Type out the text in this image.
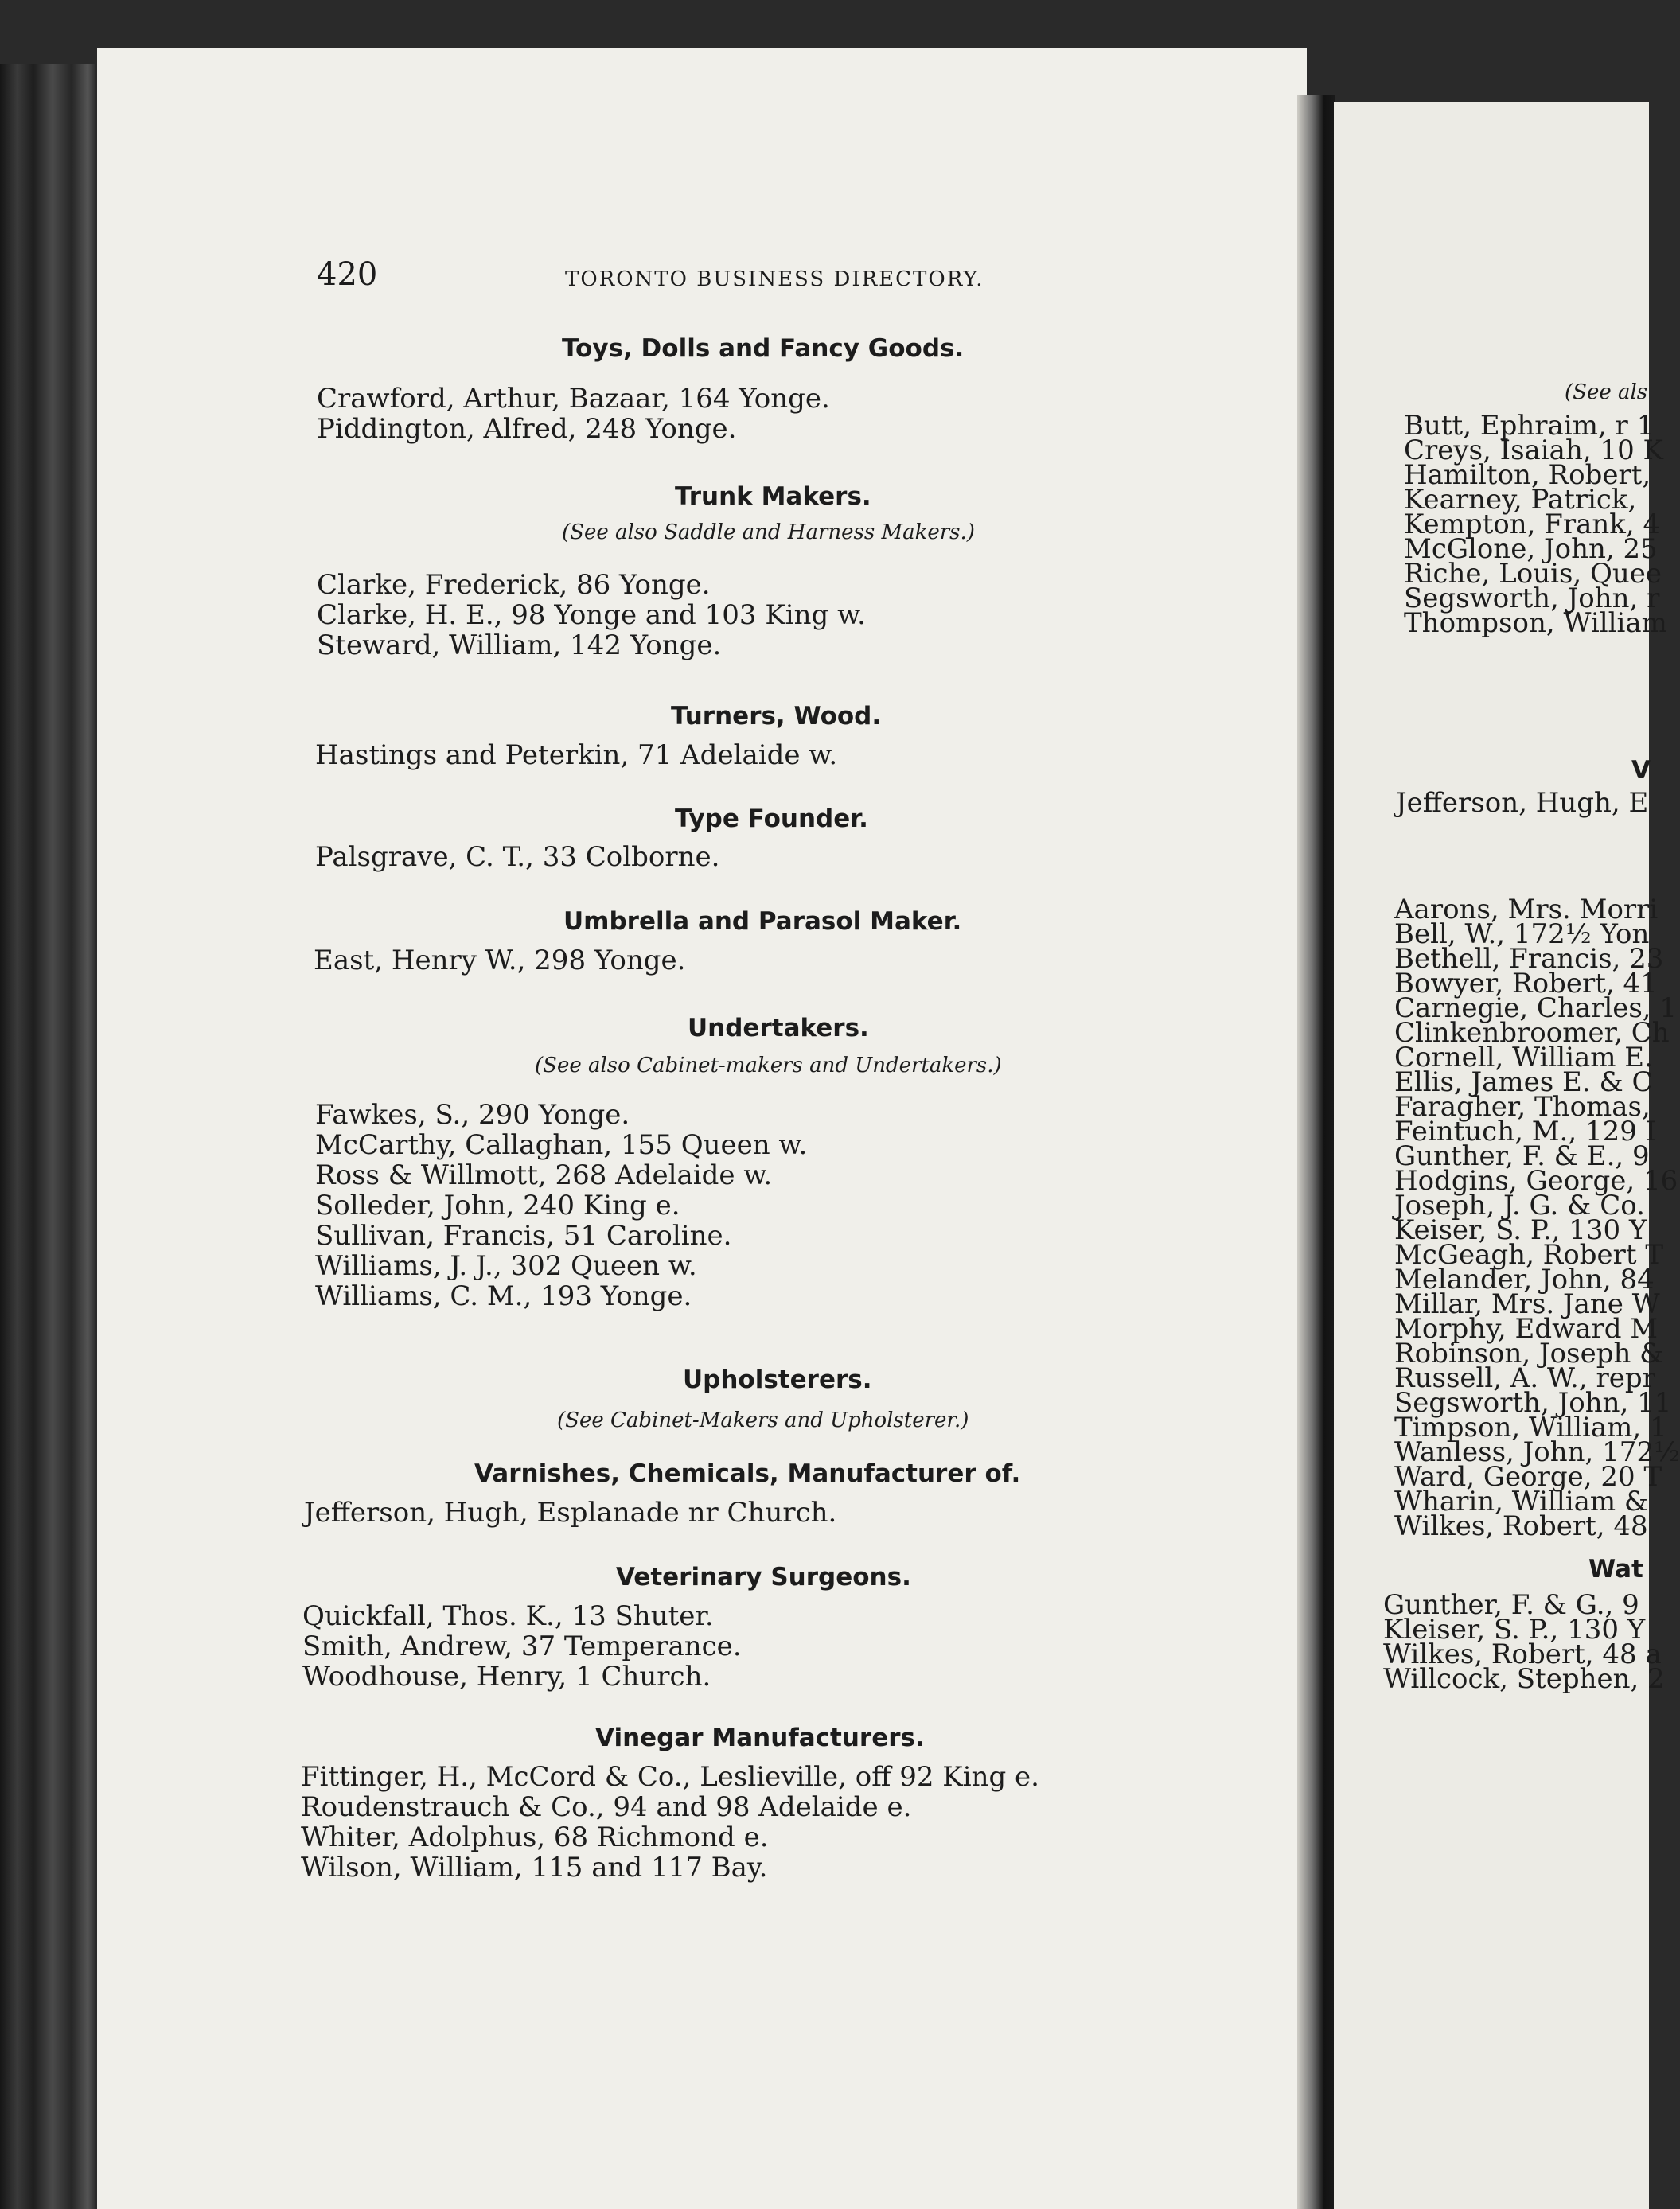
420	TORONTO BUSINESS DIRECTORY.
Toys, Dolls and Fancy Goods.
Crawford, Arthur, Bazaar, 164 Yonge.
Piddington, Alfred, 248 Yonge.
Trunk Makers.
(See also Saddle and Harness Makers.)
Clarke, Frederick, 86 Yonge.
Clarke, H. E., 98 Yonge and 103 King w.
Steward, William, 142 Yonge.
Turners, Wood.
Hastings and Peterkin, 71 Adelaide w.
Type Founder.
Palsgrave, C. T., 33 Colborne.
Umbrella and Parasol Maker.
East, Henry W., 298 Yonge.
Undertakers.
(See also Cabinet-makers and Undertakers.)
Fawkes, S., 290 Yonge.
McCarthy, Callaghan, 155 Queen w.
Ross & Willmott, 268 Adelaide w.
Solleder, John, 240 King e.
Sullivan, Francis, 51 Caroline.
Williams, J. J., 302 Queen w.
Williams, C. M., 193 Yonge.
Upholsterers.
(See Cabinet-Makers and Upholsterer.)
Varnishes, Chemicals, Manufacturer of.
Jefferson, Hugh, Esplanade nr Church.
Veterinary Surgeons.
Quickfall, Thos. K., 13 Shuter.
Smith, Andrew, 37 Temperance.
Woodhouse, Henry, 1 Church.
Vinegar Manufacturers.
Fittinger, H., McCord & Co., Leslieville, off 92 King e.
Roudenstrauch & Co., 94 and 98 Adelaide e.
Whiter, Adolphus, 68 Richmond e.
Wilson, William, 115 and 117 Bay.
(See als
Butt, Ephraim, r 1
Creys, Isaiah, 10 K
Hamilton, Robert,
Kearney, Patrick,
Kempton, Frank, 4
McGlone, John, 25
Riche, Louis, Quee
Segsworth, John, r
Thompson, William
V
Jefferson, Hugh, E
Aarons, Mrs. Morri
Bell, W., 172½ Yon
Bethell, Francis, 23
Bowyer, Robert, 41
Carnegie, Charles, 1
Clinkenbroomer, Ch
Cornell, William E.
Ellis, James E. & C
Faragher, Thomas,
Feintuch, M., 129 I
Gunther, F. & E., 9
Hodgins, George, 16
Joseph, J. G. & Co.
Keiser, S. P., 130 Y
McGeagh, Robert T
Melander, John, 84
Millar, Mrs. Jane W
Morphy, Edward M
Robinson, Joseph &
Russell, A. W., repr
Segsworth, John, 11
Timpson, William, 1
Wanless, John, 172½
Ward, George, 20 T
Wharin, William &
Wilkes, Robert, 48
Wat
Gunther, F. & G., 9
Kleiser, S. P., 130 Y
Wilkes, Robert, 48 a
Willcock, Stephen, 2
